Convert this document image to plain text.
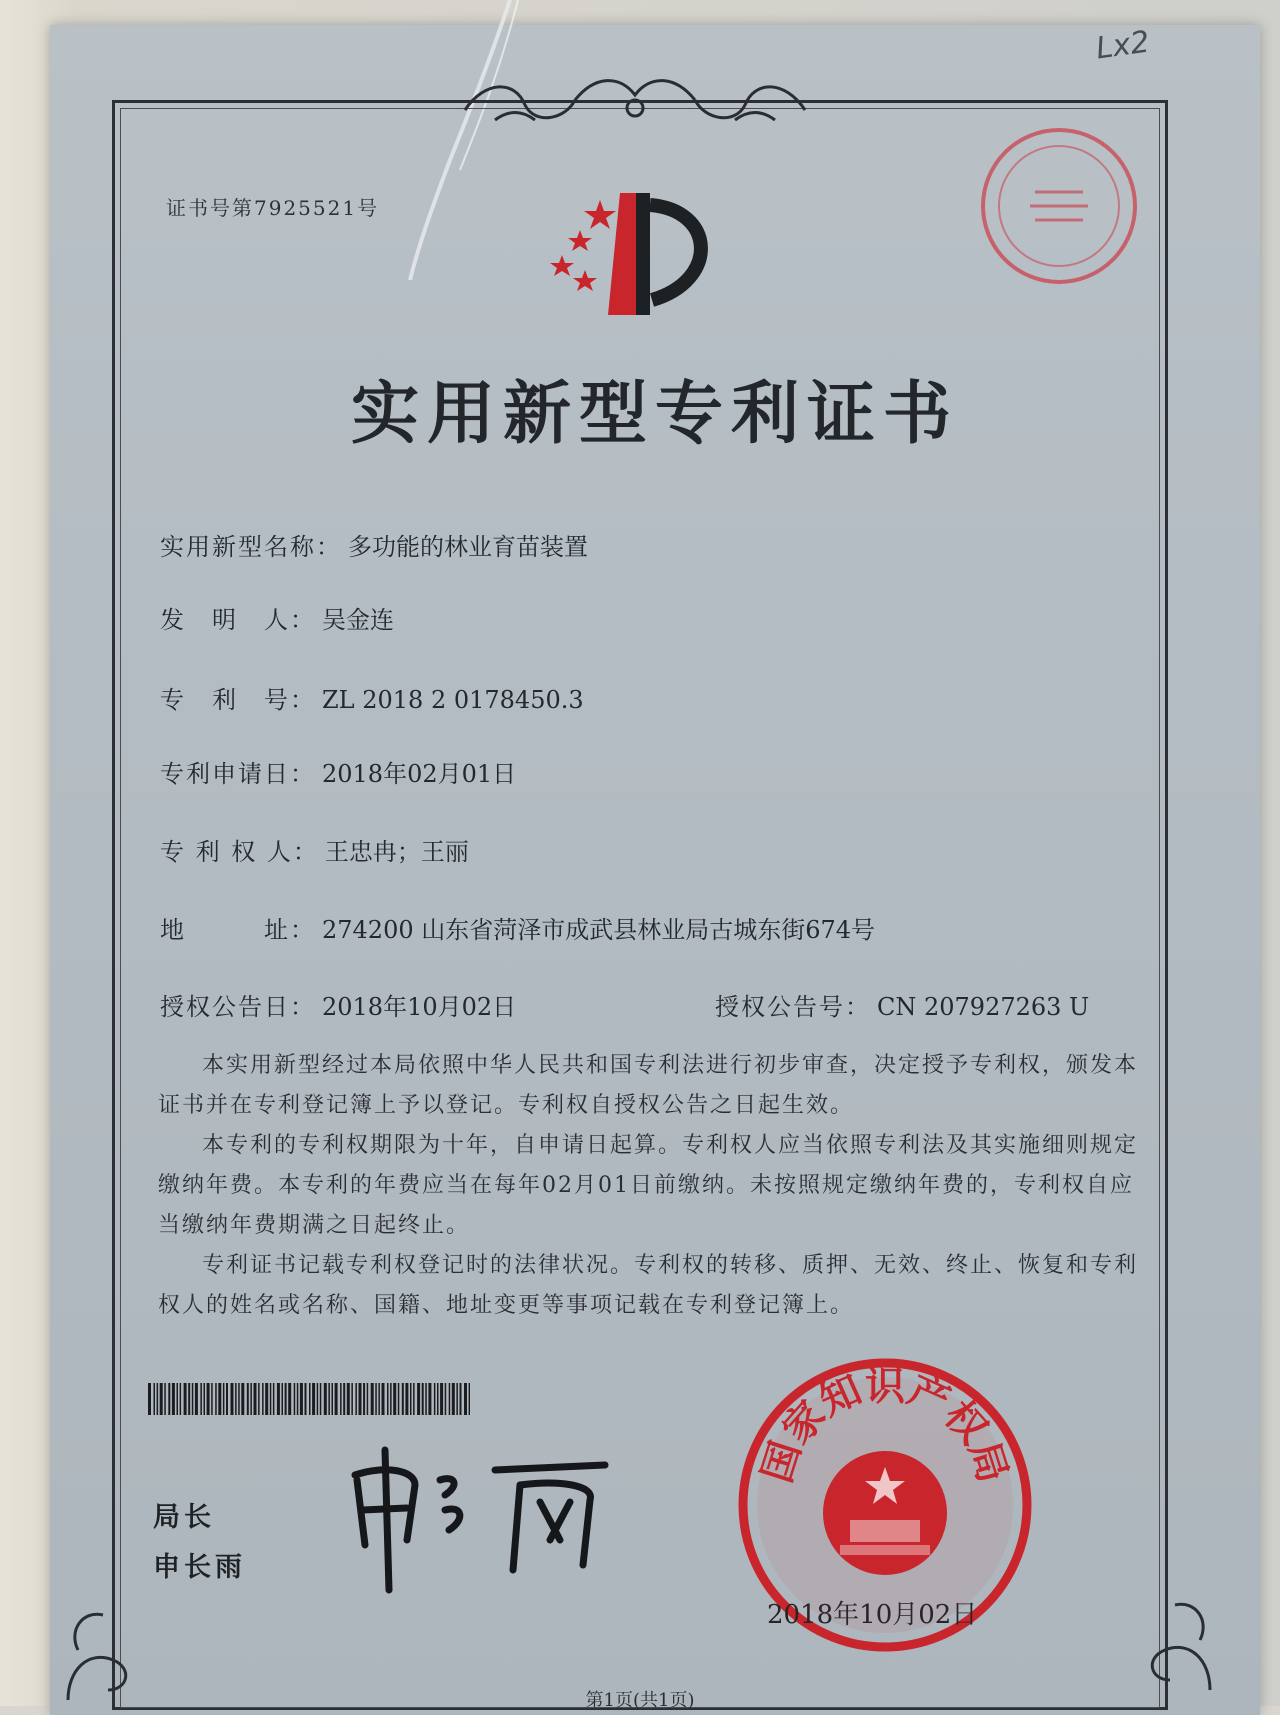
Lx2
证书号第7925521号
实用新型专利证书
实用新型名称： 多功能的林业育苗装置
发　明　人： 吴金连
专　利　号： ZL 2018 2 0178450.3
专利申请日： 2018年02月01日
专 利 权 人： 王忠冉；王丽
地　　　址： 274200 山东省菏泽市成武县林业局古城东街674号
授权公告日： 2018年10月02日	授权公告号： CN 207927263 U
本实用新型经过本局依照中华人民共和国专利法进行初步审查，决定授予专利权，颁发本证书并在专利登记簿上予以登记。专利权自授权公告之日起生效。
本专利的专利权期限为十年，自申请日起算。专利权人应当依照专利法及其实施细则规定缴纳年费。本专利的年费应当在每年02月01日前缴纳。未按照规定缴纳年费的，专利权自应当缴纳年费期满之日起终止。
专利证书记载专利权登记时的法律状况。专利权的转移、质押、无效、终止、恢复和专利权人的姓名或名称、国籍、地址变更等事项记载在专利登记簿上。
局长
申长雨
国家知识产权局
2018年10月02日
第1页(共1页)
